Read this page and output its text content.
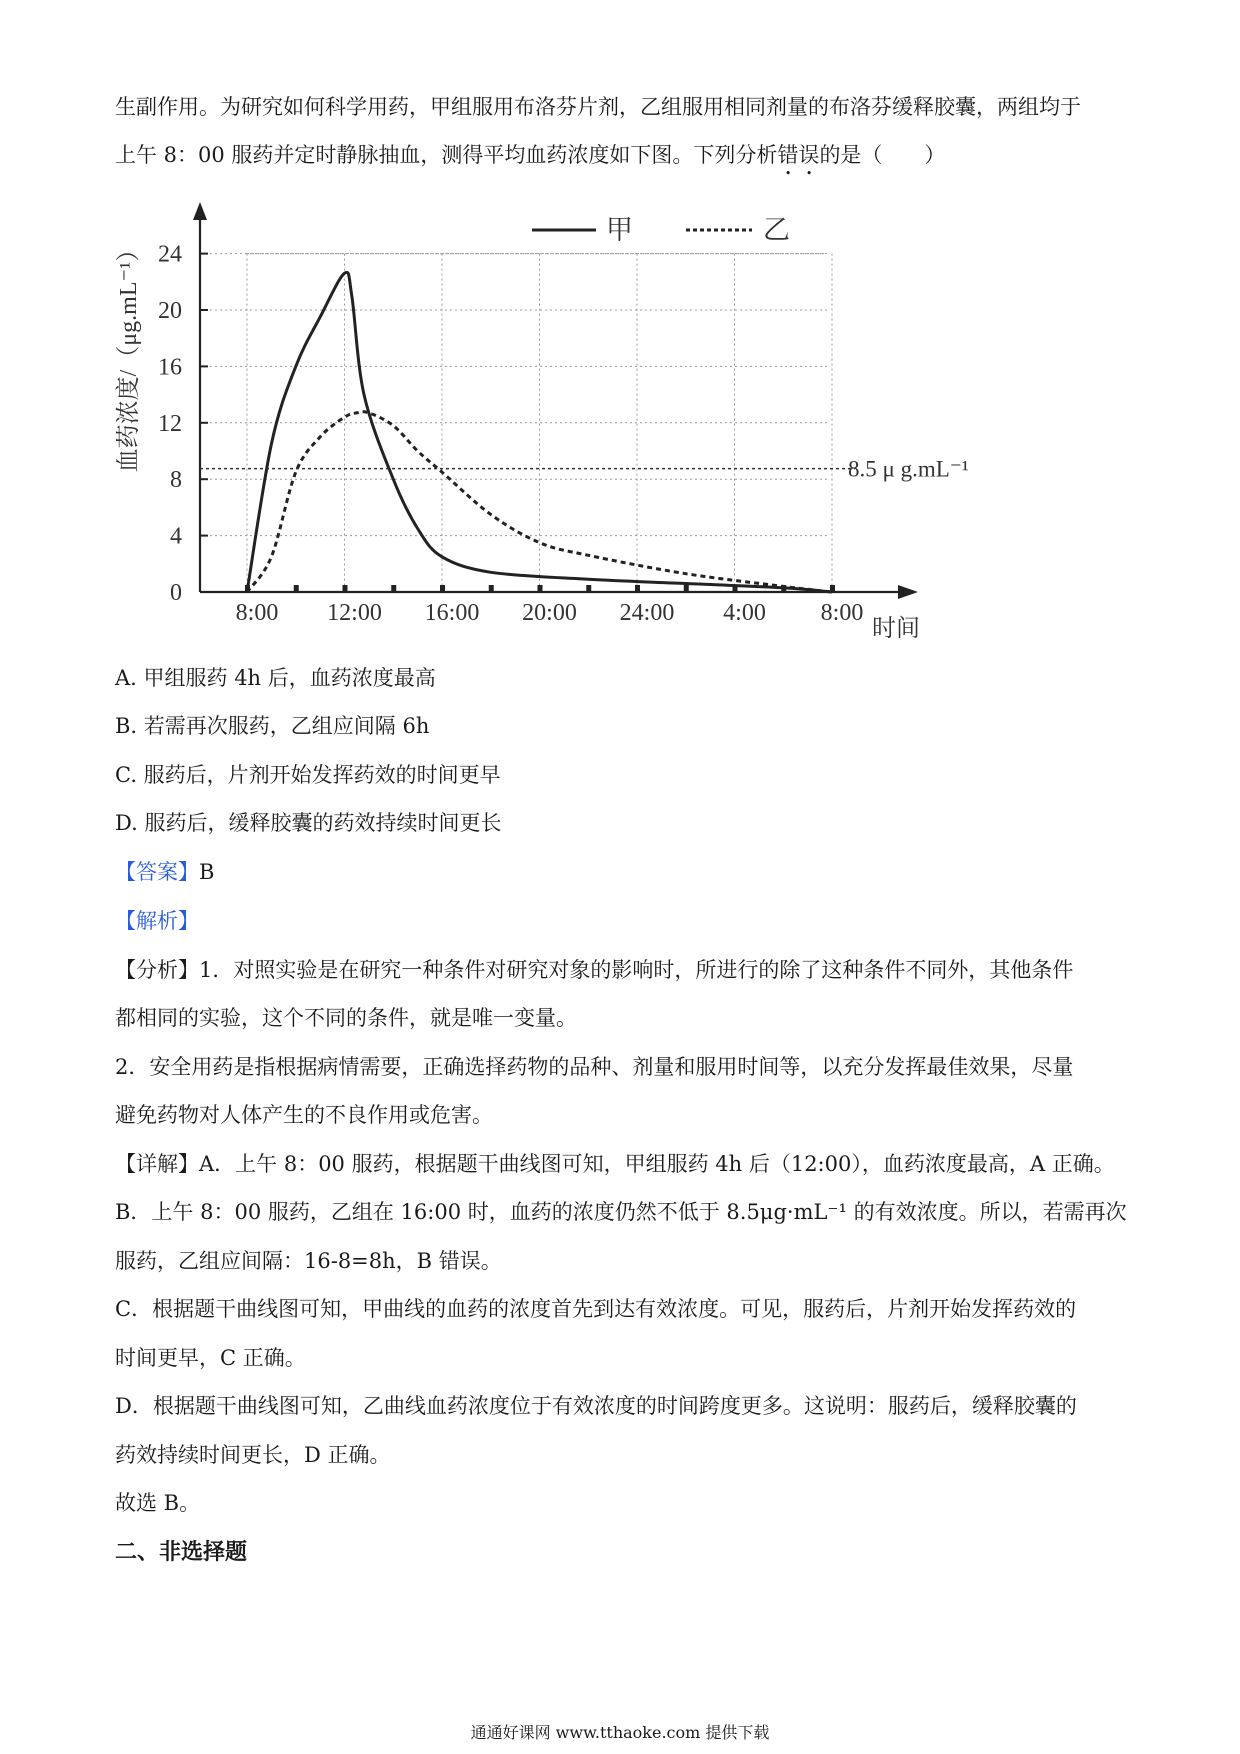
生副作用。为研究如何科学用药，甲组服用布洛芬片剂，乙组服用相同剂量的布洛芬缓释胶囊，两组均于
上午 8：00 服药并定时静脉抽血，测得平均血药浓度如下图。下列分析错误的是（　　）
0
4
8
12
16
20
24
8:00 12:00 16:00 20:00 24:00 4:00 8:00
8.5 μ g.mL⁻¹
血药浓度/（μg.mL⁻¹）
时间
甲	乙
A. 甲组服药 4h 后，血药浓度最高
B. 若需再次服药，乙组应间隔 6h
C. 服药后，片剂开始发挥药效的时间更早
D. 服药后，缓释胶囊的药效持续时间更长
【答案】B
【解析】
【分析】1．对照实验是在研究一种条件对研究对象的影响时，所进行的除了这种条件不同外，其他条件
都相同的实验，这个不同的条件，就是唯一变量。
2．安全用药是指根据病情需要，正确选择药物的品种、剂量和服用时间等，以充分发挥最佳效果，尽量
避免药物对人体产生的不良作用或危害。
【详解】A．上午 8：00 服药，根据题干曲线图可知，甲组服药 4h 后（12:00），血药浓度最高，A 正确。
B．上午 8：00 服药，乙组在 16:00 时，血药的浓度仍然不低于 8.5μg·mL⁻¹ 的有效浓度。所以，若需再次
服药，乙组应间隔：16-8=8h，B 错误。
C．根据题干曲线图可知，甲曲线的血药的浓度首先到达有效浓度。可见，服药后，片剂开始发挥药效的
时间更早，C 正确。
D．根据题干曲线图可知，乙曲线血药浓度位于有效浓度的时间跨度更多。这说明：服药后，缓释胶囊的
药效持续时间更长，D 正确。
故选 B。
二、非选择题
通通好课网 www.tthaoke.com 提供下载
